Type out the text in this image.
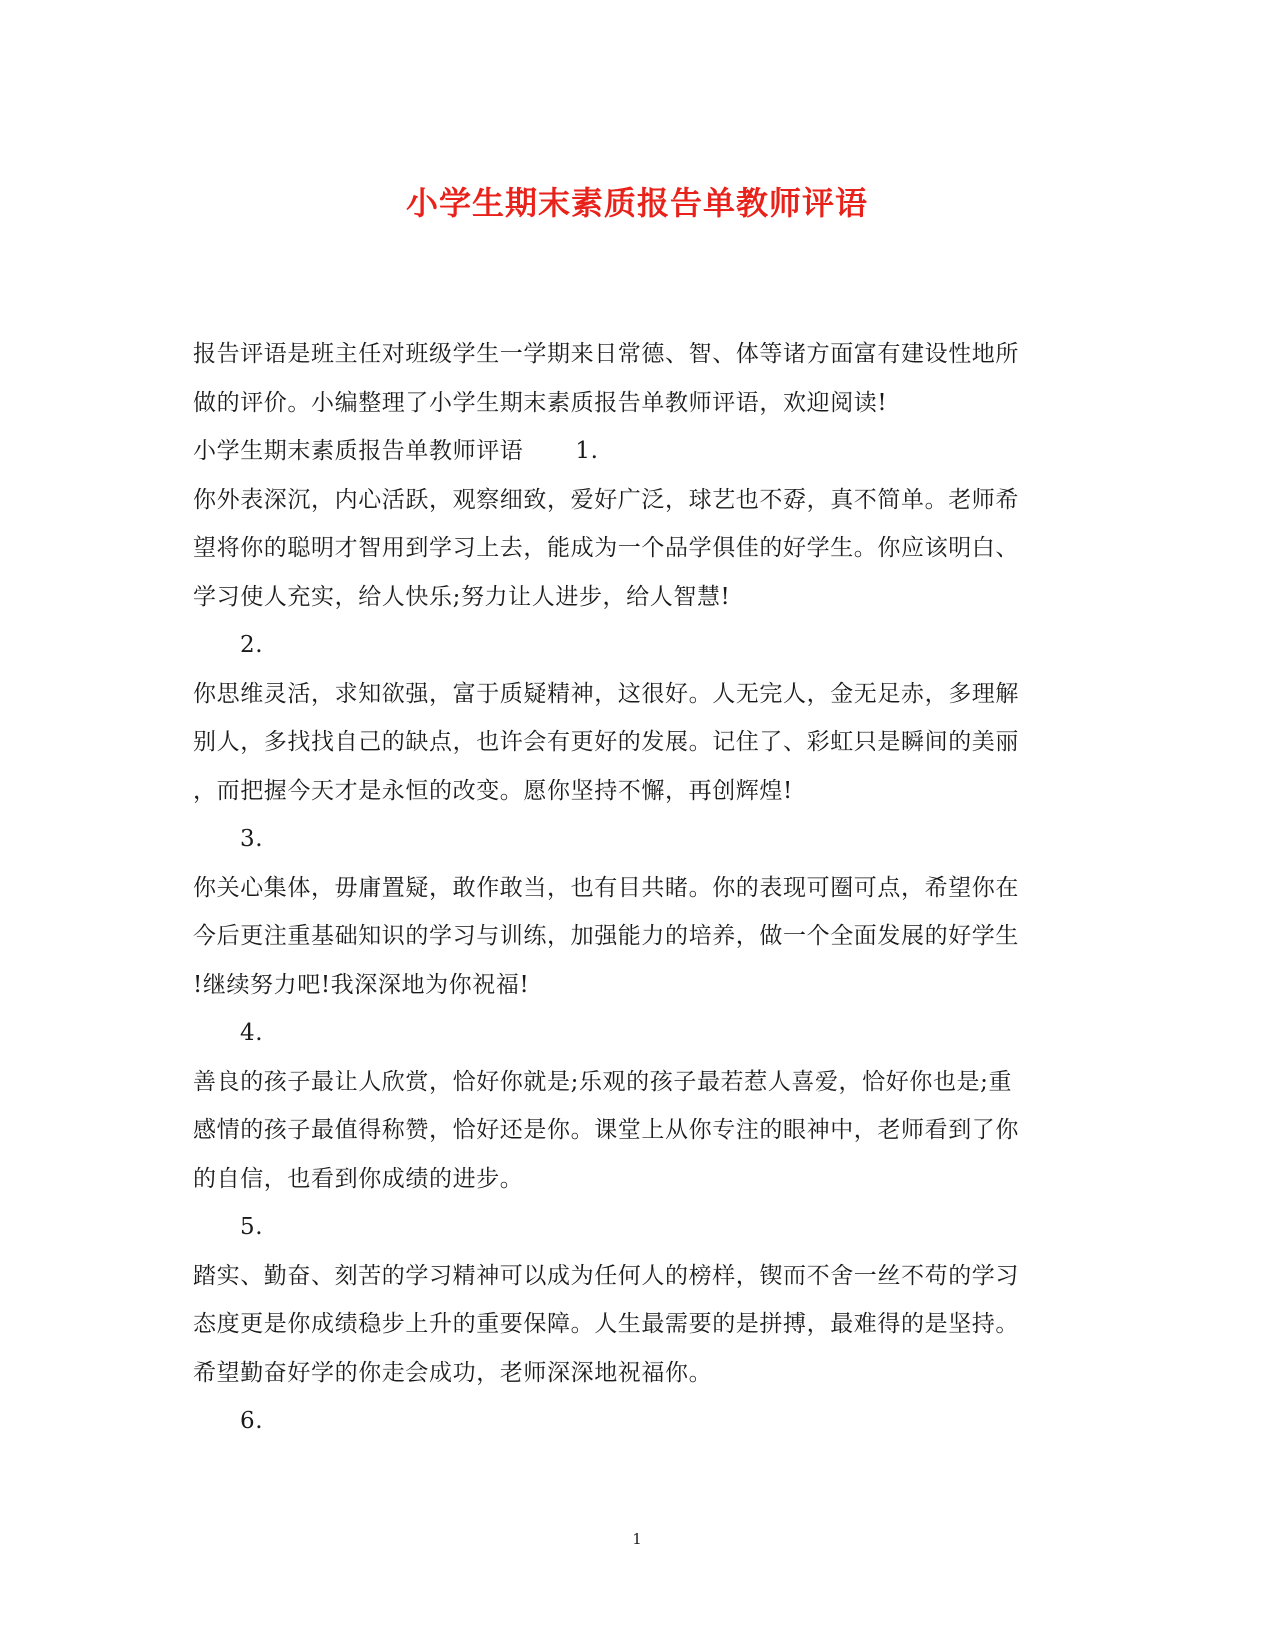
小学生期末素质报告单教师评语
报告评语是班主任对班级学生一学期来日常德、智、体等诸方面富有建设性地所
做的评价。小编整理了小学生期末素质报告单教师评语，欢迎阅读!
小学生期末素质报告单教师评语 1.
你外表深沉，内心活跃，观察细致，爱好广泛，球艺也不孬，真不简单。老师希
望将你的聪明才智用到学习上去，能成为一个品学俱佳的好学生。你应该明白、
学习使人充实，给人快乐;努力让人进步，给人智慧!
2.
你思维灵活，求知欲强，富于质疑精神，这很好。人无完人，金无足赤，多理解
别人，多找找自己的缺点，也许会有更好的发展。记住了、彩虹只是瞬间的美丽
，而把握今天才是永恒的改变。愿你坚持不懈，再创辉煌!
3.
你关心集体，毋庸置疑，敢作敢当，也有目共睹。你的表现可圈可点，希望你在
今后更注重基础知识的学习与训练，加强能力的培养，做一个全面发展的好学生
!继续努力吧!我深深地为你祝福!
4.
善良的孩子最让人欣赏，恰好你就是;乐观的孩子最若惹人喜爱，恰好你也是;重
感情的孩子最值得称赞，恰好还是你。课堂上从你专注的眼神中，老师看到了你
的自信，也看到你成绩的进步。
5.
踏实、勤奋、刻苦的学习精神可以成为任何人的榜样，锲而不舍一丝不苟的学习
态度更是你成绩稳步上升的重要保障。人生最需要的是拼搏，最难得的是坚持。
希望勤奋好学的你走会成功，老师深深地祝福你。
6.
1
